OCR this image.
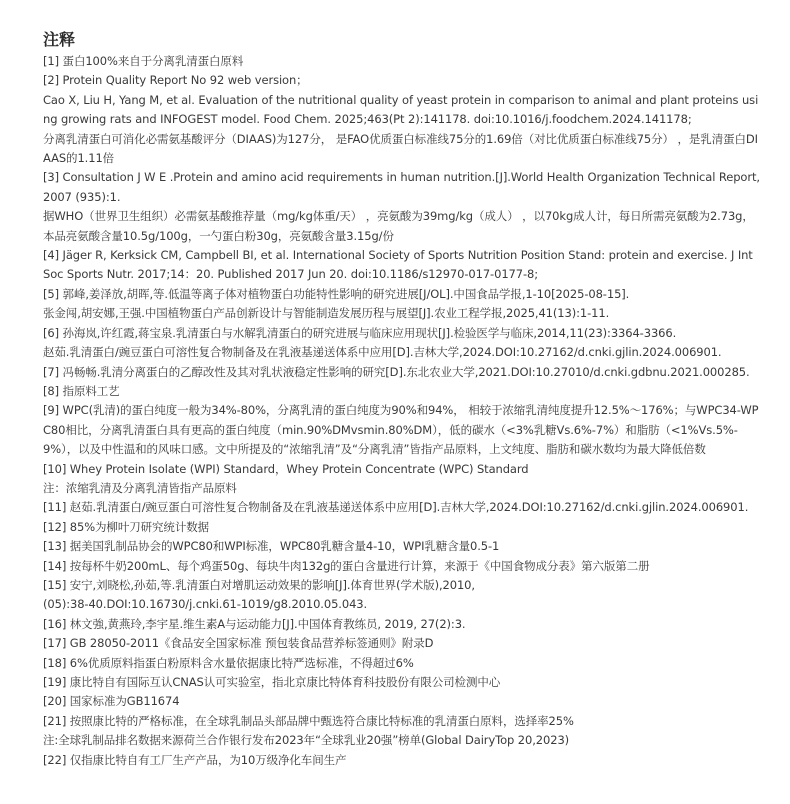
注释

[1] 蛋白100%来自于分离乳清蛋白原料

[2] Protein Quality Report No 92 web version；

Cao X, Liu H, Yang M, et al. Evaluation of the nutritional quality of yeast protein in comparison to animal and plant proteins using growing rats and INFOGEST model. Food Chem. 2025;463(Pt 2):141178. doi:10.1016/j.foodchem.2024.141178;

分离乳清蛋白可消化必需氨基酸评分（DIAAS)为127分， 是FAO优质蛋白标准线75分的1.69倍（对比优质蛋白标准线75分） ，是乳清蛋白DIAAS的1.11倍

[3] Consultation J W E .Protein and amino acid requirements in human nutrition.[J].World Health Organization Technical Report, 2007 (935):1.

据WHO（世界卫生组织）必需氨基酸推荐量（mg/kg体重/天） ，亮氨酸为39mg/kg（成人） ，以70kg成人计，每日所需亮氨酸为2.73g，本品亮氨酸含量10.5g/100g，一勺蛋白粉30g，亮氨酸含量3.15g/份

[4] Jäger R, Kerksick CM, Campbell BI, et al. International Society of Sports Nutrition Position Stand: protein and exercise. J Int Soc Sports Nutr. 2017;14：20. Published 2017 Jun 20. doi:10.1186/s12970-017-0177-8;

[5] 郭峰,姜泽放,胡晖,等.低温等离子体对植物蛋白功能特性影响的研究进展[J/OL].中国食品学报,1-10[2025-08-15].

张金闯,胡安娜,王强.中国植物蛋白产品创新设计与智能制造发展历程与展望[J].农业工程学报,2025,41(13):1-11.

[6] 孙海岚,许红霞,蒋宝泉.乳清蛋白与水解乳清蛋白的研究进展与临床应用现状[J].检验医学与临床,2014,11(23):3364-3366.

赵茹.乳清蛋白/豌豆蛋白可溶性复合物制备及在乳液基递送体系中应用[D].吉林大学,2024.DOI:10.27162/d.cnki.gjlin.2024.006901.

[7] 冯畅畅.乳清分离蛋白的乙醇改性及其对乳状液稳定性影响的研究[D].东北农业大学,2021.DOI:10.27010/d.cnki.gdbnu.2021.000285.

[8] 指原料工艺

[9] WPC(乳清)的蛋白纯度一般为34%-80%，分离乳清的蛋白纯度为90%和94%， 相较于浓缩乳清纯度提升12.5%～176%；与WPC34-WPC80相比，分离乳清蛋白具有更高的蛋白纯度（min.90%DMvsmin.80%DM），低的碳水（<3%乳糖Vs.6%-7%）和脂肪（<1%Vs.5%-9%），以及中性温和的风味口感。文中所提及的“浓缩乳清”及“分离乳清”皆指产品原料，上文纯度、脂肪和碳水数均为最大降低倍数

[10] Whey Protein Isolate (WPI) Standard，Whey Protein Concentrate (WPC) Standard

注：浓缩乳清及分离乳清皆指产品原料

[11] 赵茹.乳清蛋白/豌豆蛋白可溶性复合物制备及在乳液基递送体系中应用[D].吉林大学,2024.DOI:10.27162/d.cnki.gjlin.2024.006901.

[12] 85%为柳叶刀研究统计数据

[13] 据美国乳制品协会的WPC80和WPI标准，WPC80乳糖含量4-10，WPI乳糖含量0.5-1

[14] 按每杯牛奶200mL、每个鸡蛋50g、每块牛肉132g的蛋白含量进行计算，来源于《中国食物成分表》第六版第二册

[15] 安宁,刘晓松,孙茹,等.乳清蛋白对增肌运动效果的影响[J].体育世界(学术版),2010,

(05):38-40.DOI:10.16730/j.cnki.61-1019/g8.2010.05.043.

[16] 林文強,黄燕玲,李宇星.维生素A与运动能力[J].中国体育教练员, 2019, 27(2):3.

[17] GB 28050-2011《食品安全国家标准 预包装食品营养标签通则》附录D

[18] 6%优质原料指蛋白粉原料含水量依据康比特严选标准，不得超过6%

[19] 康比特自有国际互认CNAS认可实验室，指北京康比特体育科技股份有限公司检测中心

[20] 国家标准为GB11674

[21] 按照康比特的严格标准，在全球乳制品头部品牌中甄选符合康比特标准的乳清蛋白原料，选择率25%

注:全球乳制品排名数据来源荷兰合作银行发布2023年“全球乳业20强”榜单(Global DairyTop 20,2023)

[22] 仅指康比特自有工厂生产产品，为10万级净化车间生产
